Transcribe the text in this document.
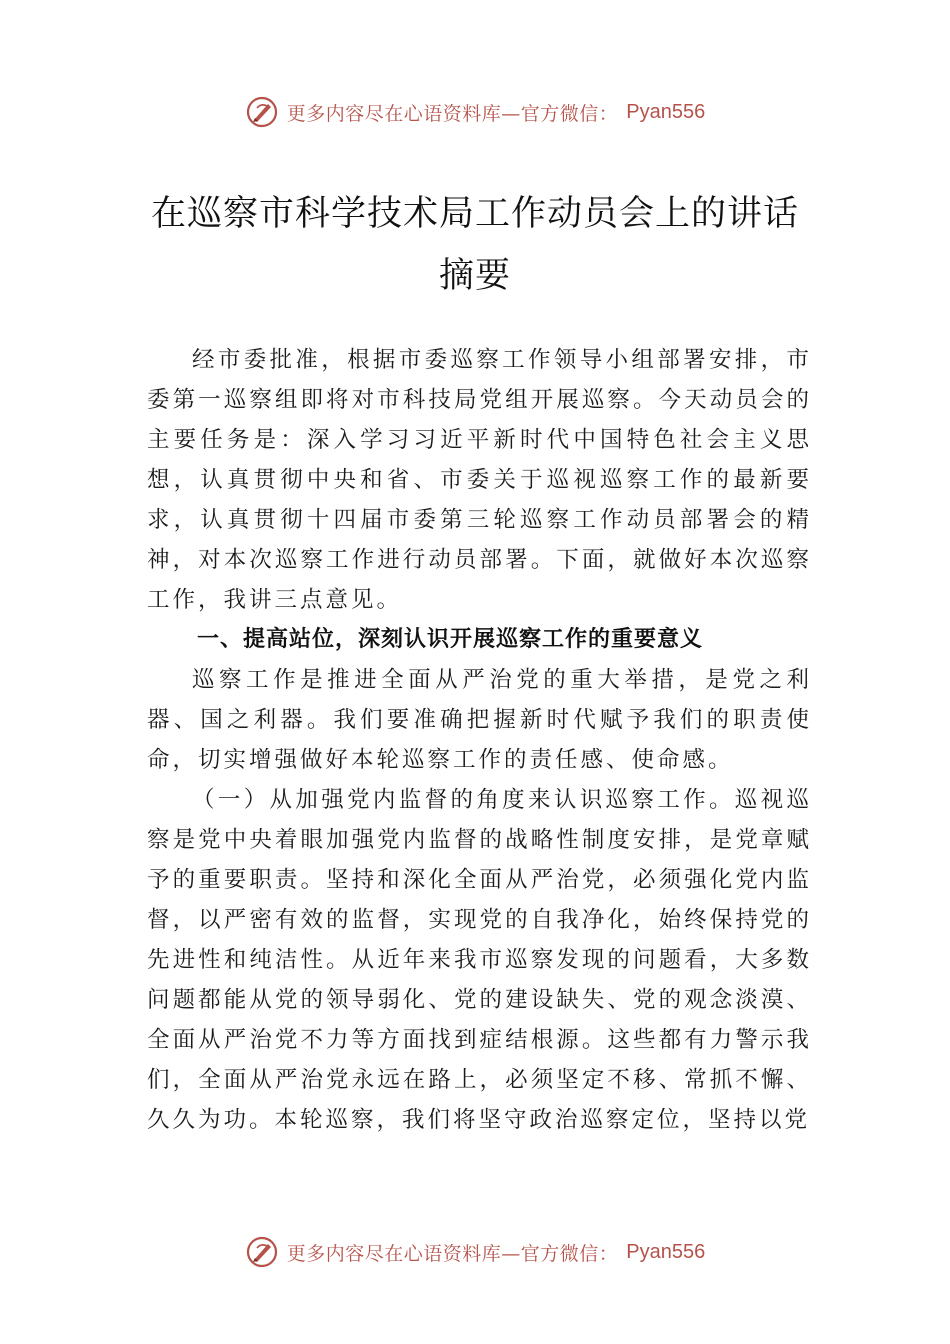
更多内容尽在心语资料库—官方微信： Pyan556
在巡察市科学技术局工作动员会上的讲话摘要

经市委批准，根据市委巡察工作领导小组部署安排，市委第一巡察组即将对市科技局党组开展巡察。今天动员会的主要任务是：深入学习习近平新时代中国特色社会主义思想，认真贯彻中央和省、市委关于巡视巡察工作的最新要求，认真贯彻十四届市委第三轮巡察工作动员部署会的精神，对本次巡察工作进行动员部署。下面，就做好本次巡察工作，我讲三点意见。

一、提高站位，深刻认识开展巡察工作的重要意义

巡察工作是推进全面从严治党的重大举措，是党之利器、国之利器。我们要准确把握新时代赋予我们的职责使命，切实增强做好本轮巡察工作的责任感、使命感。

（一）从加强党内监督的角度来认识巡察工作。巡视巡察是党中央着眼加强党内监督的战略性制度安排，是党章赋予的重要职责。坚持和深化全面从严治党，必须强化党内监督，以严密有效的监督，实现党的自我净化，始终保持党的先进性和纯洁性。从近年来我市巡察发现的问题看，大多数问题都能从党的领导弱化、党的建设缺失、党的观念淡漠、 全面从严治党不力等方面找到症结根源。这些都有力警示我们，全面从严治党永远在路上，必须坚定不移、常抓不懈、 久久为功。本轮巡察，我们将坚守政治巡察定位，坚持以党

更多内容尽在心语资料库—官方微信： Pyan556
